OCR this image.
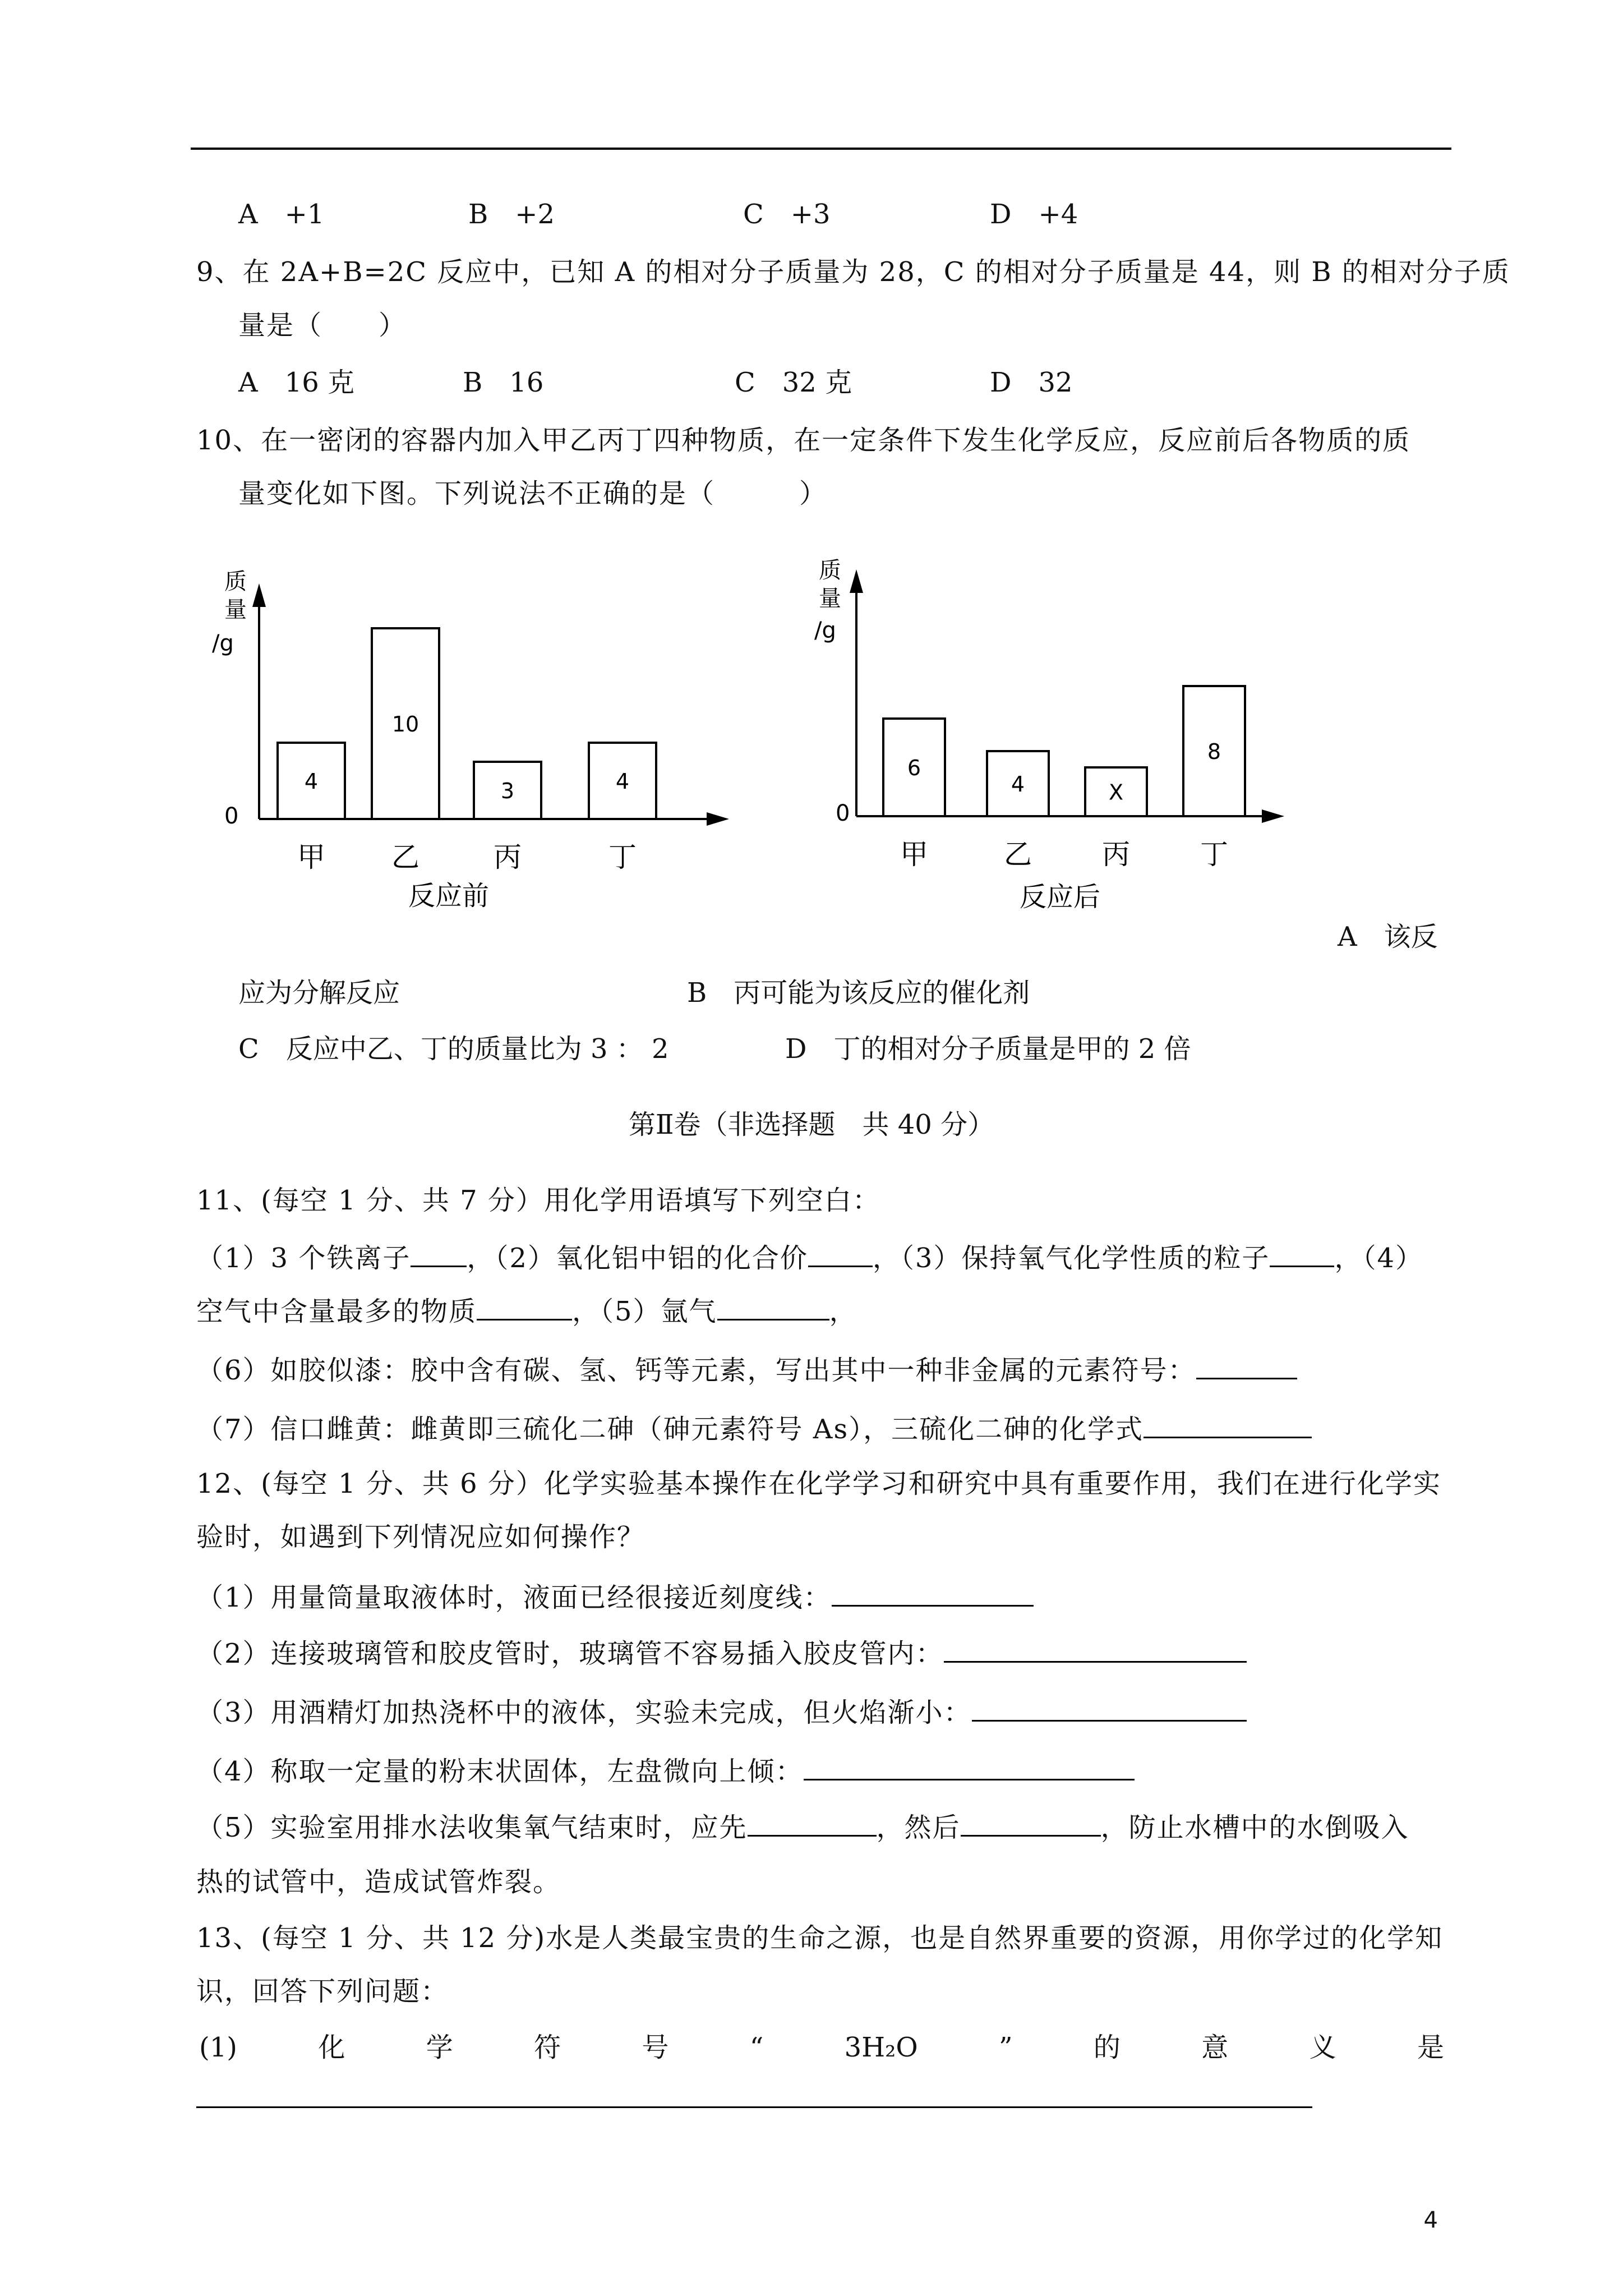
A　+1	B　+2	C　+3	D　+4
9、在 2A+B=2C 反应中，已知 A 的相对分子质量为 28，C 的相对分子质量是 44，则 B 的相对分子质
量是（　　）
A　16 克	B　16	C　32 克	D　32
10、在一密闭的容器内加入甲乙丙丁四种物质，在一定条件下发生化学反应，反应前后各物质的质
量变化如下图。下列说法不正确的是（　　　）
质
量
/g
0
4
甲
10
乙
3
丙
4
丁
反应前
质
量
/g
0
6
甲
4
乙
X
丙
8
丁
反应后
A　该反
应为分解反应	B　丙可能为该反应的催化剂
C　反应中乙、丁的质量比为 3 ： 2	D　丁的相对分子质量是甲的 2 倍
第Ⅱ卷（非选择题　共 40 分）
11、(每空 1 分、共 7 分）用化学用语填写下列空白：
（1）3 个铁离子 ，（2）氧化铝中铝的化合价 ，（3）保持氧气化学性质的粒子 ，（4）
空气中含量最多的物质	，（5）氩气	，
（6）如胶似漆：胶中含有碳、氢、钙等元素，写出其中一种非金属的元素符号：
（7）信口雌黄：雌黄即三硫化二砷（砷元素符号 As），三硫化二砷的化学式
12、(每空 1 分、共 6 分）化学实验基本操作在化学学习和研究中具有重要作用，我们在进行化学实
验时，如遇到下列情况应如何操作？
（1）用量筒量取液体时，液面已经很接近刻度线：
（2）连接玻璃管和胶皮管时，玻璃管不容易插入胶皮管内：
（3）用酒精灯加热浇杯中的液体，实验未完成，但火焰渐小：
（4）称取一定量的粉末状固体，左盘微向上倾：
（5）实验室用排水法收集氧气结束时，应先	，然后	，防止水槽中的水倒吸入
热的试管中，造成试管炸裂。
13、(每空 1 分、共 12 分)水是人类最宝贵的生命之源，也是自然界重要的资源，用你学过的化学知
识，回答下列问题：
(1)	化	学	符	号	“	3H₂O	”	的	意	义	是
4
